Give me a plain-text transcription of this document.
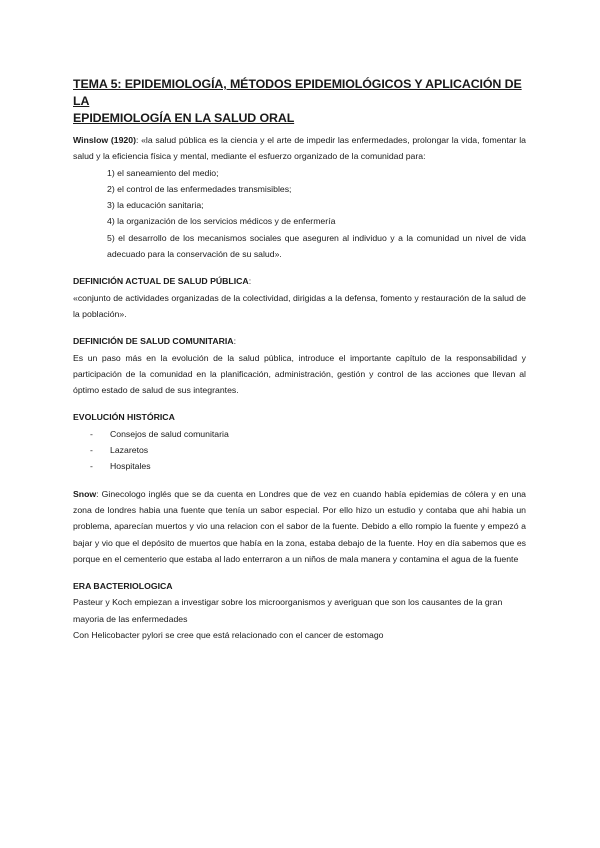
TEMA 5: EPIDEMIOLOGÍA, MÉTODOS EPIDEMIOLÓGICOS Y APLICACIÓN DE LA
EPIDEMIOLOGÍA EN LA SALUD ORAL

Winslow (1920): «la salud pública es la ciencia y el arte de impedir las enfermedades, prolongar la vida, fomentar la salud y la eficiencia física y mental, mediante el esfuerzo organizado de la comunidad para:

1) el saneamiento del medio;
2) el control de las enfermedades transmisibles;
3) la educación sanitaria;
4) la organización de los servicios médicos y de enfermería
5) el desarrollo de los mecanismos sociales que aseguren al individuo y a la comunidad un nivel de vida adecuado para la conservación de su salud».

DEFINICIÓN ACTUAL DE SALUD PÚBLICA:

«conjunto de actividades organizadas de la colectividad, dirigidas a la defensa, fomento y restauración de la salud de la población».

DEFINICIÓN DE SALUD COMUNITARIA:

Es un paso más en la evolución de la salud pública, introduce el importante capítulo de la responsabilidad y participación de la comunidad en la planificación, administración, gestión y control de las acciones que llevan al óptimo estado de salud de sus integrantes.

EVOLUCIÓN HISTÓRICA

-	Consejos de salud comunitaria
-	Lazaretos
-	Hospitales

Snow: Ginecologo inglés que se da cuenta en Londres que de vez en cuando había epidemias de cólera y en una zona de londres habia una fuente que tenía un sabor especial. Por ello hizo un estudio y contaba que ahi habia un problema, aparecían muertos y vio una relacion con el sabor de la fuente. Debido a ello rompio la fuente y empezó a bajar y vio que el depósito de muertos que había en la zona, estaba debajo de la fuente. Hoy en día sabemos que es porque en el cementerio que estaba al lado enterraron a un niños de mala manera y contamina el agua de la fuente

ERA BACTERIOLOGICA

Pasteur y Koch empiezan a investigar sobre los microorganismos y averiguan que son los causantes de la gran mayoria de las enfermedades

Con Helicobacter pylori se cree que está relacionado con el cancer de estomago
